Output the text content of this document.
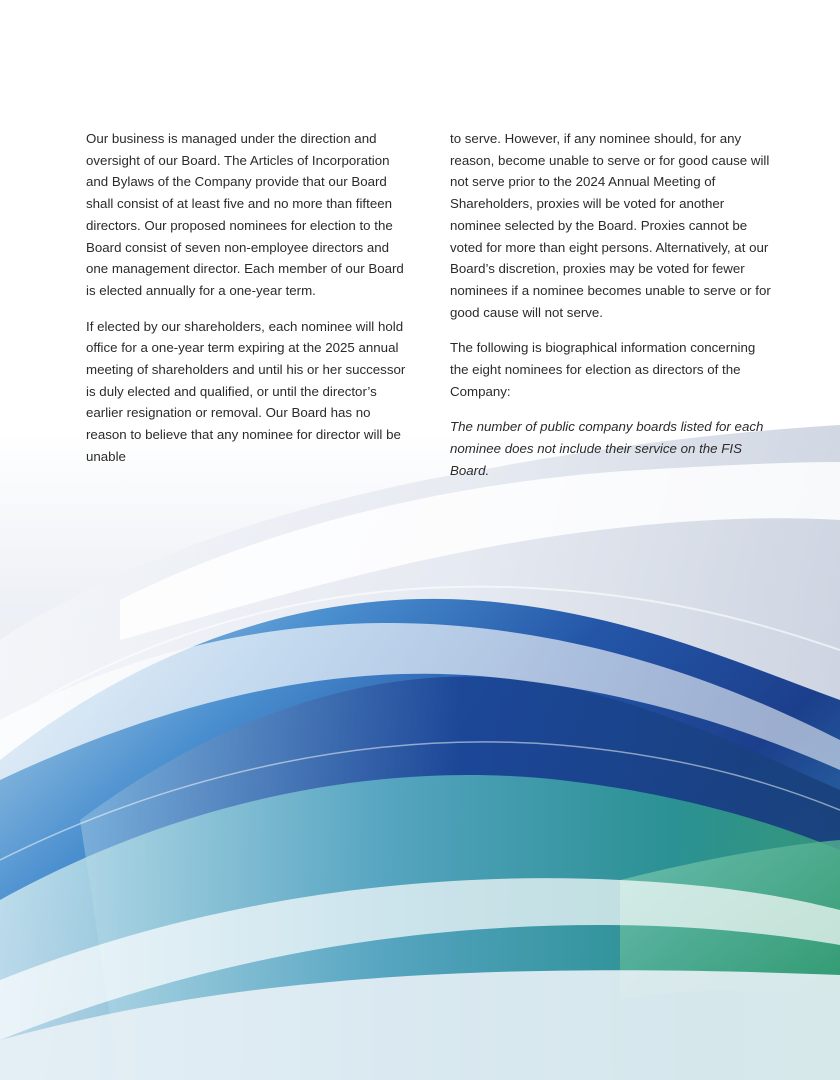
Our business is managed under the direction and oversight of our Board. The Articles of Incorporation and Bylaws of the Company provide that our Board shall consist of at least five and no more than fifteen directors. Our proposed nominees for election to the Board consist of seven non-employee directors and one management director. Each member of our Board is elected annually for a one-year term.

If elected by our shareholders, each nominee will hold office for a one-year term expiring at the 2025 annual meeting of shareholders and until his or her successor is duly elected and qualified, or until the director’s earlier resignation or removal. Our Board has no reason to believe that any nominee for director will be unable

to serve. However, if any nominee should, for any reason, become unable to serve or for good cause will not serve prior to the 2024 Annual Meeting of Shareholders, proxies will be voted for another nominee selected by the Board. Proxies cannot be voted for more than eight persons. Alternatively, at our Board’s discretion, proxies may be voted for fewer nominees if a nominee becomes unable to serve or for good cause will not serve.

The following is biographical information concerning the eight nominees for election as directors of the Company:

The number of public company boards listed for each nominee does not include their service on the FIS Board.
